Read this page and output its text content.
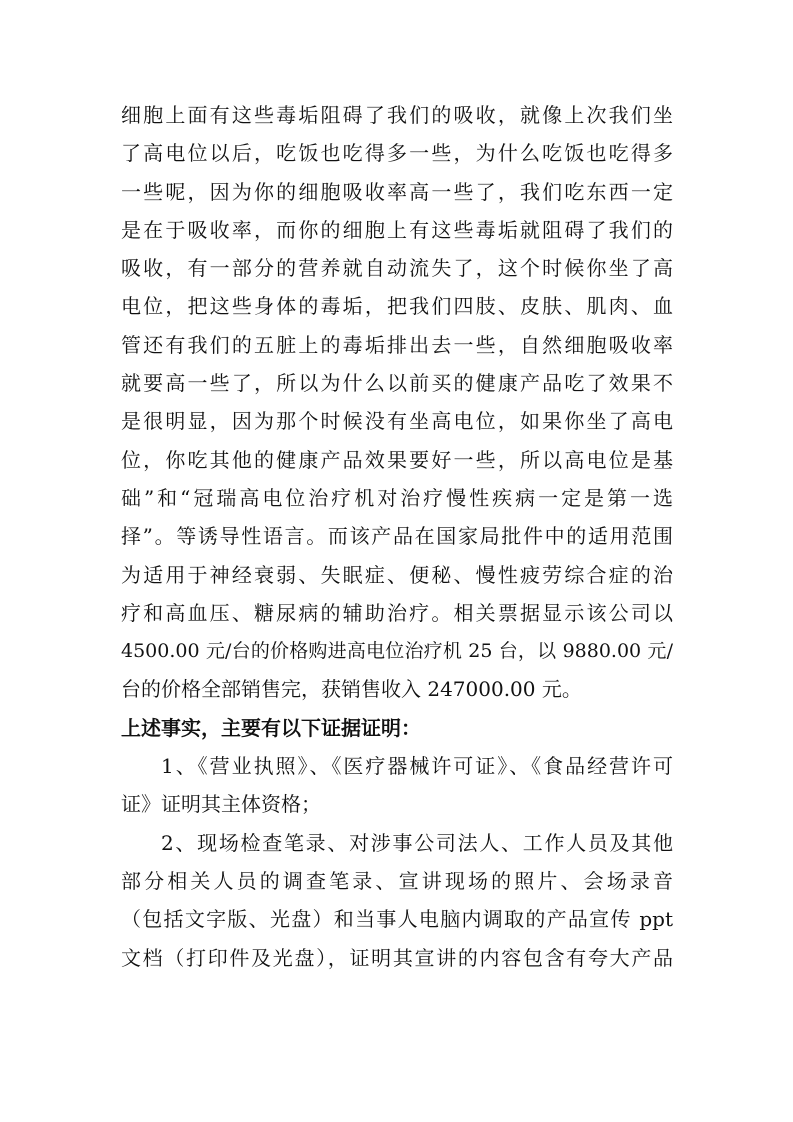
细胞上面有这些毒垢阻碍了我们的吸收，就像上次我们坐
了高电位以后，吃饭也吃得多一些，为什么吃饭也吃得多
一些呢，因为你的细胞吸收率高一些了，我们吃东西一定
是在于吸收率，而你的细胞上有这些毒垢就阻碍了我们的
吸收，有一部分的营养就自动流失了，这个时候你坐了高
电位，把这些身体的毒垢，把我们四肢、皮肤、肌肉、血
管还有我们的五脏上的毒垢排出去一些，自然细胞吸收率
就要高一些了，所以为什么以前买的健康产品吃了效果不
是很明显，因为那个时候没有坐高电位，如果你坐了高电
位，你吃其他的健康产品效果要好一些，所以高电位是基
础”和“冠瑞高电位治疗机对治疗慢性疾病一定是第一选
择”。等诱导性语言。而该产品在国家局批件中的适用范围
为适用于神经衰弱、失眠症、便秘、慢性疲劳综合症的治
疗和高血压、糖尿病的辅助治疗。相关票据显示该公司以
4500.00 元/台的价格购进高电位治疗机 25 台，以 9880.00 元/
台的价格全部销售完，获销售收入 247000.00 元。
上述事实，主要有以下证据证明：
1、《营业执照》、《医疗器械许可证》、《食品经营许可
证》证明其主体资格；
2、现场检查笔录、对涉事公司法人、工作人员及其他
部分相关人员的调查笔录、宣讲现场的照片、会场录音
（包括文字版、光盘）和当事人电脑内调取的产品宣传 ppt
文档（打印件及光盘），证明其宣讲的内容包含有夸大产品
